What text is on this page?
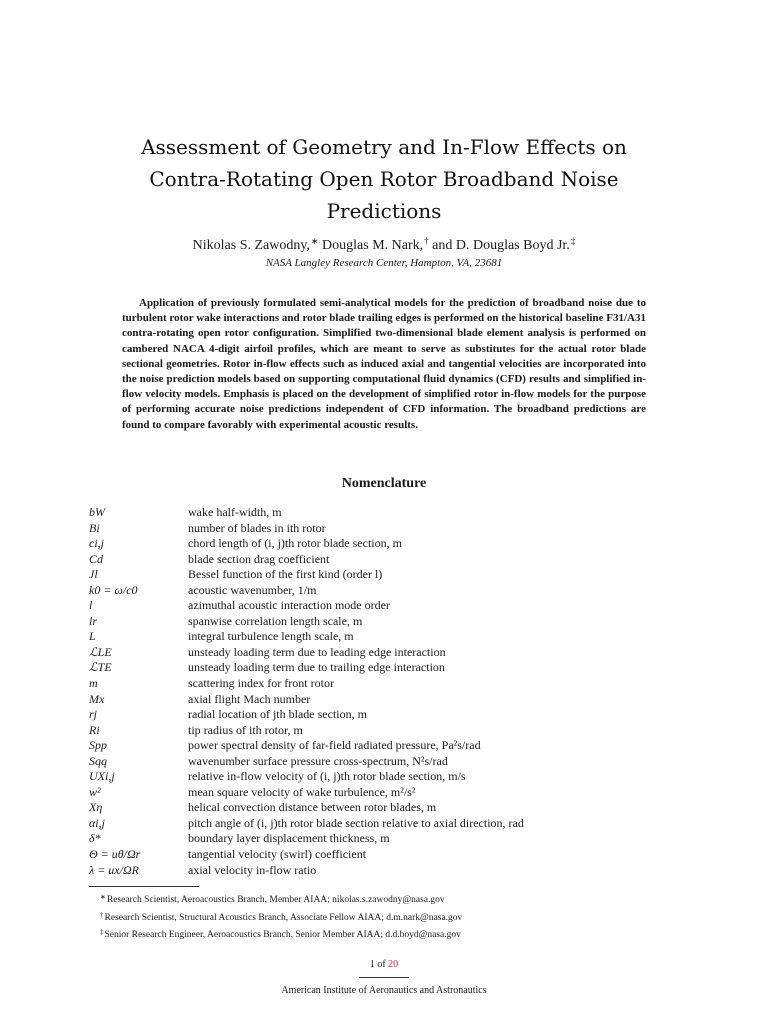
Assessment of Geometry and In-Flow Effects on Contra-Rotating Open Rotor Broadband Noise Predictions
Nikolas S. Zawodny,∗ Douglas M. Nark,† and D. Douglas Boyd Jr.‡
NASA Langley Research Center, Hampton, VA, 23681
Application of previously formulated semi-analytical models for the prediction of broadband noise due to turbulent rotor wake interactions and rotor blade trailing edges is performed on the historical baseline F31/A31 contra-rotating open rotor configuration. Simplified two-dimensional blade element analysis is performed on cambered NACA 4-digit airfoil profiles, which are meant to serve as substitutes for the actual rotor blade sectional geometries. Rotor in-flow effects such as induced axial and tangential velocities are incorporated into the noise prediction models based on supporting computational fluid dynamics (CFD) results and simplified in-flow velocity models. Emphasis is placed on the development of simplified rotor in-flow models for the purpose of performing accurate noise predictions independent of CFD information. The broadband predictions are found to compare favorably with experimental acoustic results.
Nomenclature
bW	wake half-width, m
Bi	number of blades in ith rotor
ci,j	chord length of (i, j)th rotor blade section, m
Cd	blade section drag coefficient
Jl	Bessel function of the first kind (order l)
k0 = ω/c0	acoustic wavenumber, 1/m
l	azimuthal acoustic interaction mode order
lr	spanwise correlation length scale, m
L	integral turbulence length scale, m
ℒLE	unsteady loading term due to leading edge interaction
ℒTE	unsteady loading term due to trailing edge interaction
m	scattering index for front rotor
Mx	axial flight Mach number
rj	radial location of jth blade section, m
Ri	tip radius of ith rotor, m
Spp	power spectral density of far-field radiated pressure, Pa²s/rad
Sqq	wavenumber surface pressure cross-spectrum, N²s/rad
UXi,j	relative in-flow velocity of (i, j)th rotor blade section, m/s
w²	mean square velocity of wake turbulence, m²/s²
Xη	helical convection distance between rotor blades, m
αi,j	pitch angle of (i, j)th rotor blade section relative to axial direction, rad
δ*	boundary layer displacement thickness, m
Θ = uθ/Ωr	tangential velocity (swirl) coefficient
λ = ux/ΩR	axial velocity in-flow ratio
∗Research Scientist, Aeroacoustics Branch, Member AIAA; nikolas.s.zawodny@nasa.gov
†Research Scientist, Structural Acoustics Branch, Associate Fellow AIAA; d.m.nark@nasa.gov
‡Senior Research Engineer, Aeroacoustics Branch, Senior Member AIAA; d.d.boyd@nasa.gov
1 of 20
American Institute of Aeronautics and Astronautics
